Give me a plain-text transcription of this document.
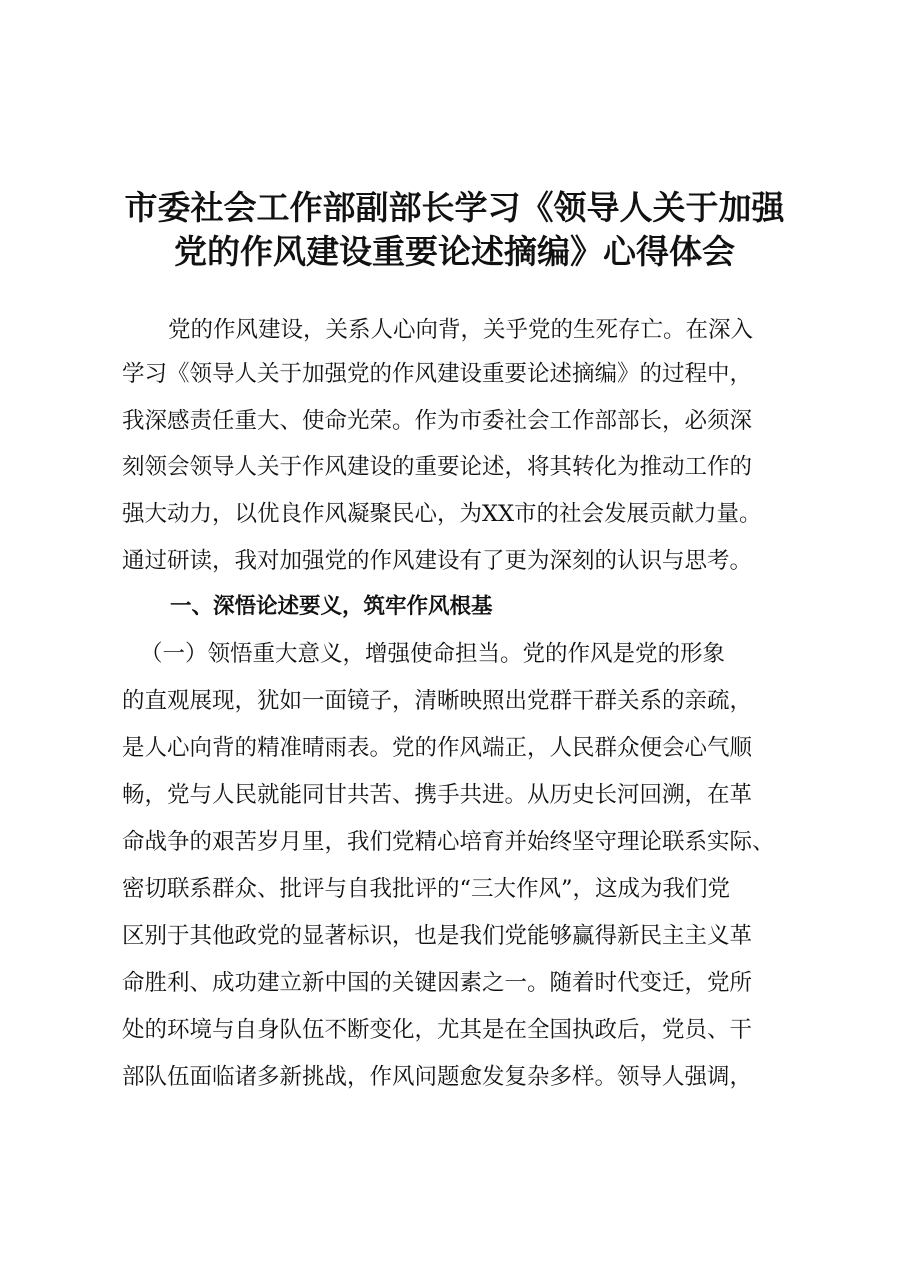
市委社会工作部副部长学习《领导人关于加强
党的作风建设重要论述摘编》心得体会

党的作风建设，关系人心向背，关乎党的生死存亡。在深入

学习《领导人关于加强党的作风建设重要论述摘编》的过程中，

我深感责任重大、使命光荣。作为市委社会工作部部长，必须深

刻领会领导人关于作风建设的重要论述，将其转化为推动工作的

强大动力，以优良作风凝聚民心，为XX市的社会发展贡献力量。

通过研读，我对加强党的作风建设有了更为深刻的认识与思考。

一、深悟论述要义，筑牢作风根基

（一）领悟重大意义，增强使命担当。党的作风是党的形象

的直观展现，犹如一面镜子，清晰映照出党群干群关系的亲疏，

是人心向背的精准晴雨表。党的作风端正，人民群众便会心气顺

畅，党与人民就能同甘共苦、携手共进。从历史长河回溯，在革

命战争的艰苦岁月里，我们党精心培育并始终坚守理论联系实际、

密切联系群众、批评与自我批评的“三大作风”，这成为我们党

区别于其他政党的显著标识，也是我们党能够赢得新民主主义革

命胜利、成功建立新中国的关键因素之一。随着时代变迁，党所

处的环境与自身队伍不断变化，尤其是在全国执政后，党员、干

部队伍面临诸多新挑战，作风问题愈发复杂多样。领导人强调，
